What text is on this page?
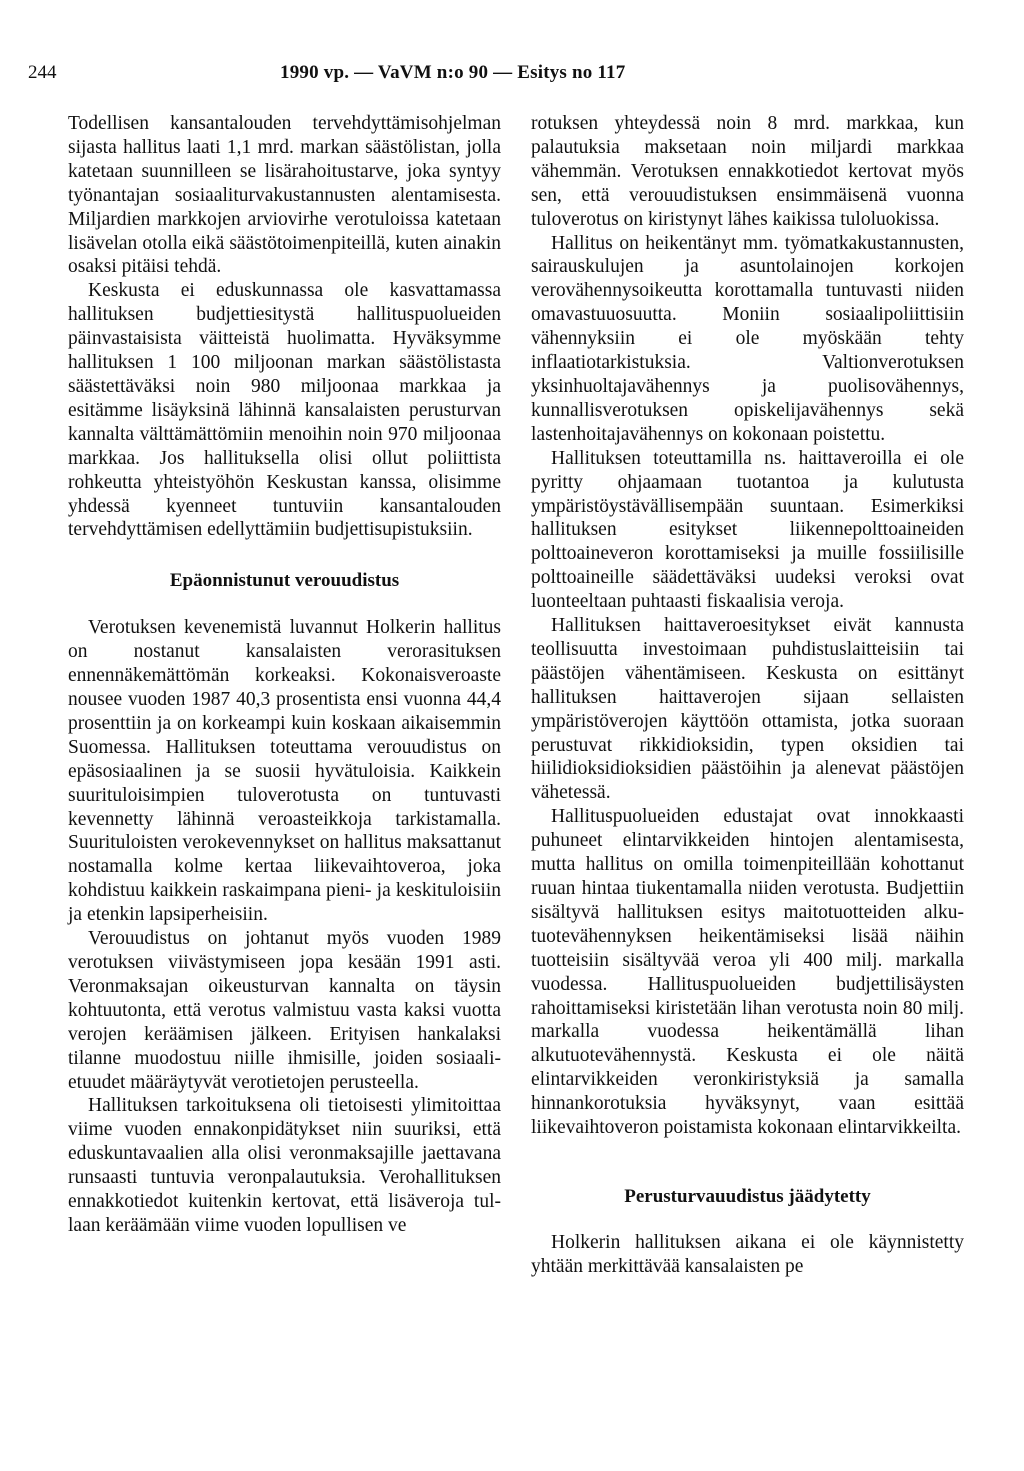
244	1990 vp. — VaVM n:o 90 — Esitys no 117

Todellisen kansantalouden tervehdyttämisohjelman sijasta hallitus laati 1,1 mrd. markan säästölistan, jolla katetaan suunnilleen se lisärahoitustarve, joka syntyy työnantajan sosiaaliturvakustannusten alentamisesta. Miljardien markkojen arviovirhe verotuloissa katetaan lisävelan otolla eikä säästötoimenpiteillä, kuten ainakin osaksi pitäisi tehdä.

Keskusta ei eduskunnassa ole kasvattamassa hallituksen budjettiesitystä hallituspuolueiden päinvastaisista väitteistä huolimatta. Hyväksymme hallituksen 1 100 miljoonan markan säästölistasta säästettäväksi noin 980 miljoonaa markkaa ja esitämme lisäyksinä lähinnä kansalaisten perusturvan kannalta välttämättömiin menoihin noin 970 miljoonaa markkaa. Jos hallituksella olisi ollut poliittista rohkeutta yhteistyöhön Keskustan kanssa, olisimme yhdessä kyenneet tuntuviin kansantalouden tervehdyttämisen edellyttämiin budjettisupistuksiin.

Epäonnistunut verouudistus

Verotuksen kevenemistä luvannut Holkerin hallitus on nostanut kansalaisten verorasituksen ennennäkemättömän korkeaksi. Kokonaisveroaste nousee vuoden 1987 40,3 prosentista ensi vuonna 44,4 prosenttiin ja on korkeampi kuin koskaan aikaisemmin Suomessa. Hallituksen toteuttama verouudistus on epäsosiaalinen ja se suosii hyvätuloisia. Kaikkein suurituloisimpien tuloverotusta on tuntuvasti kevennetty lähinnä veroasteikkoja tarkistamalla. Suurituloisten verokevennykset on hallitus maksattanut nostamalla kolme kertaa liikevaihtoveroa, joka kohdistuu kaikkein raskaimpana pieni- ja keskituloisiin ja etenkin lapsiperheisiin.

Verouudistus on johtanut myös vuoden 1989 verotuksen viivästymiseen jopa kesään 1991 asti. Veronmaksajan oikeusturvan kannalta on täysin kohtuutonta, että verotus valmistuu vasta kaksi vuotta verojen keräämisen jälkeen. Erityisen hankalaksi tilanne muodostuu niille ihmisille, joiden sosiaalietuudet määräytyvät verotietojen perusteella.

Hallituksen tarkoituksena oli tietoisesti ylimitoittaa viime vuoden ennakonpidätykset niin suuriksi, että eduskuntavaalien alla olisi veronmaksajille jaettavana runsaasti tuntuvia veronpalautuksia. Verohallituksen ennakkotiedot kuitenkin kertovat, että lisäveroja tullaan keräämään viime vuoden lopullisen ve

rotuksen yhteydessä noin 8 mrd. markkaa, kun palautuksia maksetaan noin miljardi markkaa vähemmän. Verotuksen ennakkotiedot kertovat myös sen, että verouudistuksen ensimmäisenä vuonna tuloverotus on kiristynyt lähes kaikissa tuloluokissa.

Hallitus on heikentänyt mm. työmatkakustannusten, sairauskulujen ja asuntolainojen korkojen verovähennysoikeutta korottamalla tuntuvasti niiden omavastuuosuutta. Moniin sosiaalipoliittisiin vähennyksiin ei ole myöskään tehty inflaatiotarkistuksia. Valtionverotuksen yksinhuoltajavähennys ja puolisovähennys, kunnallisverotuksen opiskelijavähennys sekä lastenhoitajavähennys on kokonaan poistettu.

Hallituksen toteuttamilla ns. haittaveroilla ei ole pyritty ohjaamaan tuotantoa ja kulutusta ympäristöystävällisempään suuntaan. Esimerkiksi hallituksen esitykset liikennepolttoaineiden polttoaineveron korottamiseksi ja muille fossiilisille polttoaineille säädettäväksi uudeksi veroksi ovat luonteeltaan puhtaasti fiskaalisia veroja.

Hallituksen haittaveroesitykset eivät kannusta teollisuutta investoimaan puhdistuslaitteisiin tai päästöjen vähentämiseen. Keskusta on esittänyt hallituksen haittaverojen sijaan sellaisten ympäristöverojen käyttöön ottamista, jotka suoraan perustuvat rikkidioksidin, typen oksidien tai hiilidioksidioksidien päästöihin ja alenevat päästöjen vähetessä.

Hallituspuolueiden edustajat ovat innokkaasti puhuneet elintarvikkeiden hintojen alentamisesta, mutta hallitus on omilla toimenpiteillään kohottanut ruuan hintaa tiukentamalla niiden verotusta. Budjettiin sisältyvä hallituksen esitys maitotuotteiden alkutuotevähennyksen heikentämiseksi lisää näihin tuotteisiin sisältyvää veroa yli 400 milj. markalla vuodessa. Hallituspuolueiden budjettilisäysten rahoittamiseksi kiristetään lihan verotusta noin 80 milj. markalla vuodessa heikentämällä lihan alkutuotevähennystä. Keskusta ei ole näitä elintarvikkeiden veronkiristyksiä ja samalla hinnankorotuksia hyväksynyt, vaan esittää liikevaihtoveron poistamista kokonaan elintarvikkeilta.

Perusturvauudistus jäädytetty

Holkerin hallituksen aikana ei ole käynnistetty yhtään merkittävää kansalaisten pe
